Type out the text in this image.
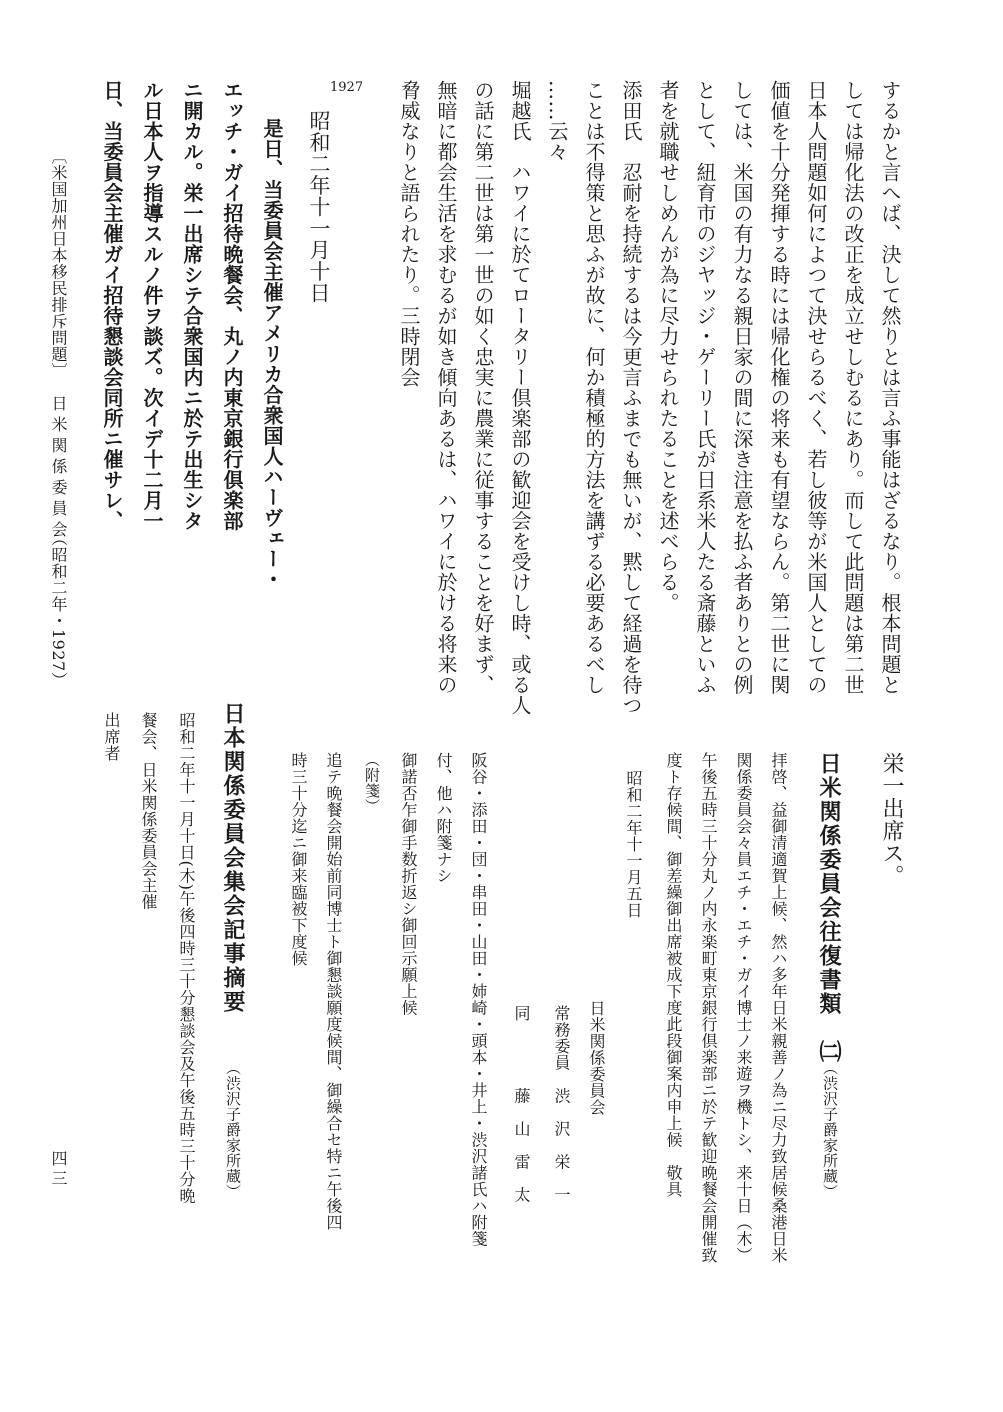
するかと言へば、決して然りとは言ふ事能はざるなり。根本問題と
しては帰化法の改正を成立せしむるにあり。而して此問題は第二世
日本人問題如何によつて決せらるべく、若し彼等が米国人としての
価値を十分発揮する時には帰化権の将来も有望ならん。第二世に関
しては、米国の有力なる親日家の間に深き注意を払ふ者ありとの例
として、紐育市のジヤッジ・ゲーリー氏が日系米人たる斎藤といふ
者を就職せしめんが為に尽力せられたることを述べらる。
添田氏　忍耐を持続するは今更言ふまでも無いが、黙して経過を待つ
ことは不得策と思ふが故に、何か積極的方法を講ずる必要あるべし
……云々
堀越氏　ハワイに於てロータリー倶楽部の歓迎会を受けし時、或る人
の話に第二世は第一世の如く忠実に農業に従事することを好まず、
無暗に都会生活を求むるが如き傾向あるは、ハワイに於ける将来の
脅威なりと語られたり。三時閉会
1927
昭和二年十一月十日
是日、当委員会主催アメリカ合衆国人ハーヴェー・
エッチ・ガイ招待晩餐会、丸ノ内東京銀行倶楽部
ニ開カル。栄一出席シテ合衆国内ニ於テ出生シタ
ル日本人ヲ指導スルノ件ヲ談ズ。次イデ十二月一
日、当委員会主催ガイ招待懇談会同所ニ催サレ、
〔米国加州日本移民排斥問題〕
日米関係委員会
（昭和二年・1927）
栄一出席ス。
日米関係委員会往復書類　㈡
（渋沢子爵家所蔵）
拝啓、益御清適賀上候、然ハ多年日米親善ノ為ニ尽力致居候桑港日米
関係委員会々員エチ・エチ・ガイ博士ノ来遊ヲ機トシ、来十日（木）
午後五時三十分丸ノ内永楽町東京銀行倶楽部ニ於テ歓迎晩餐会開催致
度ト存候間、御差繰御出席被成下度此段御案内申上候　敬具
昭和二年十一月五日
日米関係委員会
常務委員　渋　沢　栄　一
同　　　　藤　山　雷　太
阪谷・添田・団・串田・山田・姉崎・頭本・井上・渋沢諸氏ハ附箋
付、他ハ附箋ナシ
御諾否乍御手数折返シ御回示願上候
（附箋）
追テ晩餐会開始前同博士ト御懇談願度候間、御繰合セ特ニ午後四
時三十分迄ニ御来臨被下度候
日本関係委員会集会記事摘要
（渋沢子爵家所蔵）
昭和二年十一月十日(木)午後四時三十分懇談会及午後五時三十分晩
餐会、日米関係委員会主催
出席者
四三
